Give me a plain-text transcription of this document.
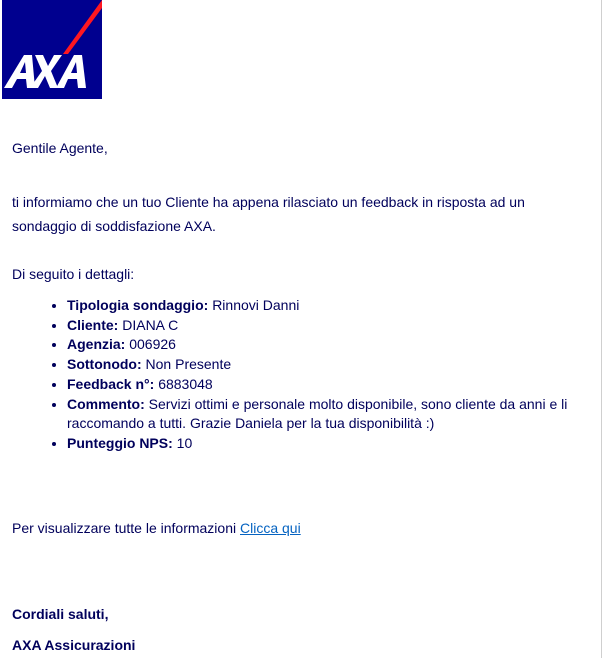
Gentile Agente,

ti informiamo che un tuo Cliente ha appena rilasciato un feedback in risposta ad un sondaggio di soddisfazione AXA.

Di seguito i dettagli:

• Tipologia sondaggio: Rinnovi Danni
• Cliente: DIANA C
• Agenzia: 006926
• Sottonodo: Non Presente
• Feedback n°: 6883048
• Commento: Servizi ottimi e personale molto disponibile, sono cliente da anni e li raccomando a tutti. Grazie Daniela per la tua disponibilità :)
• Punteggio NPS: 10

Per visualizzare tutte le informazioni Clicca qui

Cordiali saluti,
AXA Assicurazioni
